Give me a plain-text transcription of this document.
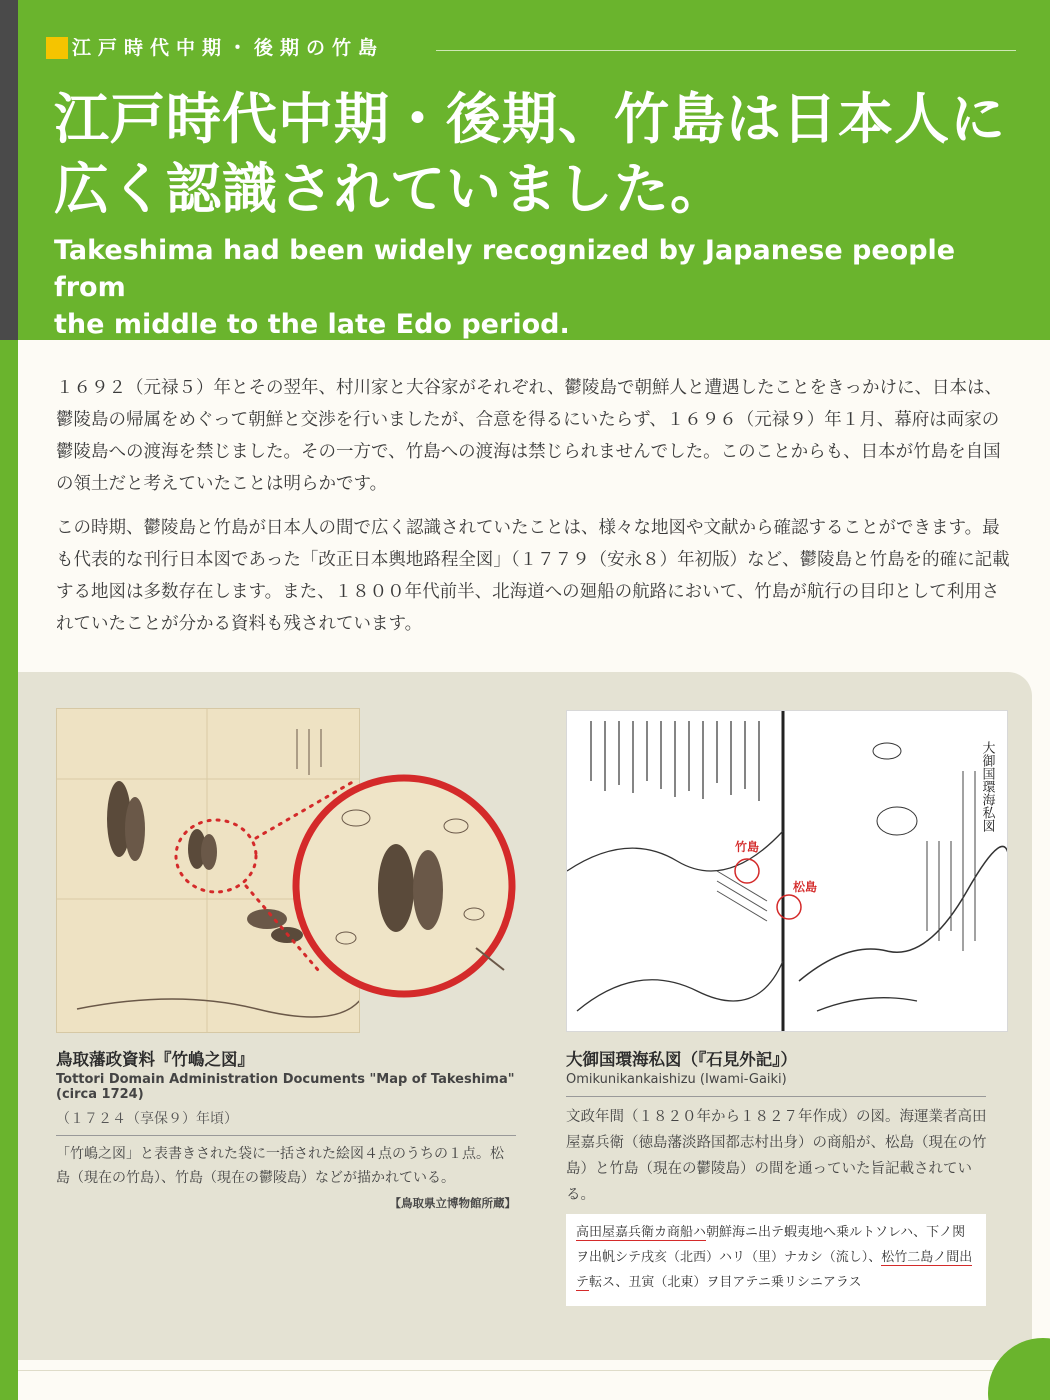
江戸時代中期・後期の竹島
江戸時代中期・後期、竹島は日本人に
広く認識されていました。
Takeshima had been widely recognized by Japanese people from
the middle to the late Edo period.

１６９２（元禄５）年とその翌年、村川家と大谷家がそれぞれ、鬱陵島で朝鮮人と遭遇したことをきっかけに、日本は、鬱陵島の帰属をめぐって朝鮮と交渉を行いましたが、合意を得るにいたらず、１６９６（元禄９）年１月、幕府は両家の鬱陵島への渡海を禁じました。その一方で、竹島への渡海は禁じられませんでした。このことからも、日本が竹島を自国の領土だと考えていたことは明らかです。

この時期、鬱陵島と竹島が日本人の間で広く認識されていたことは、様々な地図や文献から確認することができます。最も代表的な刊行日本図であった「改正日本輿地路程全図」（１７７９（安永８）年初版）など、鬱陵島と竹島を的確に記載する地図は多数存在します。また、１８００年代前半、北海道への廻船の航路において、竹島が航行の目印として利用されていたことが分かる資料も残されています。

鳥取藩政資料『竹嶋之図』
Tottori Domain Administration Documents "Map of Takeshima" (circa 1724)
（１７２４（享保９）年頃）
「竹嶋之図」と表書きされた袋に一括された絵図４点のうちの１点。松島（現在の竹島）、竹島（現在の鬱陵島）などが描かれている。
【鳥取県立博物館所蔵】
竹島
松島
大御国環海私図
大御国環海私図（『石見外記』）
Omikunikankaishizu (Iwami-Gaiki)
文政年間（１８２０年から１８２７年作成）の図。海運業者高田屋嘉兵衛（徳島藩淡路国都志村出身）の商船が、松島（現在の竹島）と竹島（現在の鬱陵島）の間を通っていた旨記載されている。
高田屋嘉兵衛カ商船ハ朝鮮海ニ出テ蝦夷地へ乗ルトソレハ、下ノ関ヲ出帆シテ戌亥（北西）ハリ（里）ナカシ（流し）、松竹二島ノ間出テ転ス、丑寅（北東）ヲ目アテニ乗リシニアラス
